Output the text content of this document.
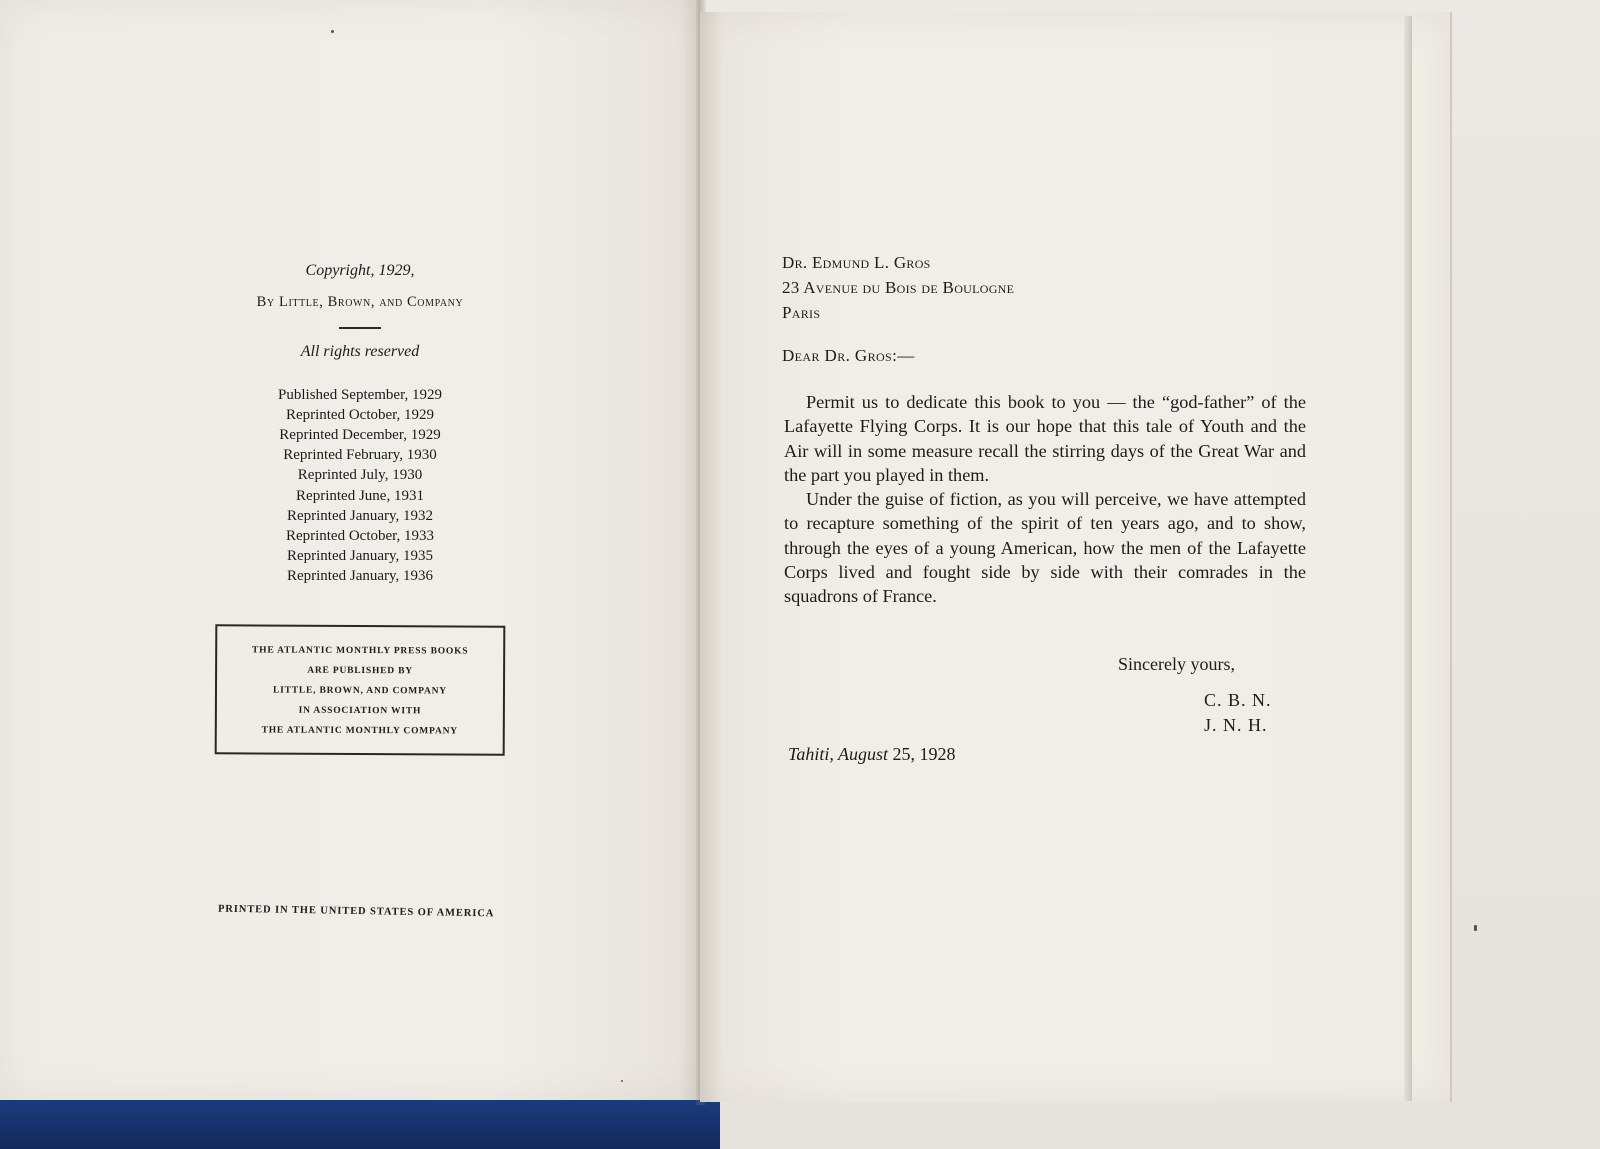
Copyright, 1929,
By Little, Brown, and Company
All rights reserved
Published September, 1929
Reprinted October, 1929
Reprinted December, 1929
Reprinted February, 1930
Reprinted July, 1930
Reprinted June, 1931
Reprinted January, 1932
Reprinted October, 1933
Reprinted January, 1935
Reprinted January, 1936
THE ATLANTIC MONTHLY PRESS BOOKS
ARE PUBLISHED BY
LITTLE, BROWN, AND COMPANY
IN ASSOCIATION WITH
THE ATLANTIC MONTHLY COMPANY
PRINTED IN THE UNITED STATES OF AMERICA
Dr. Edmund L. Gros
23 Avenue du Bois de Boulogne
Paris
Dear Dr. Gros:—

Permit us to dedicate this book to you — the “god-father” of the Lafayette Flying Corps. It is our hope that this tale of Youth and the Air will in some measure recall the stirring days of the Great War and the part you played in them.

Under the guise of fiction, as you will perceive, we have attempted to recapture something of the spirit of ten years ago, and to show, through the eyes of a young American, how the men of the Lafayette Corps lived and fought side by side with their comrades in the squadrons of France.

Sincerely yours,
C. B. N.
J. N. H.
Tahiti, August 25, 1928
